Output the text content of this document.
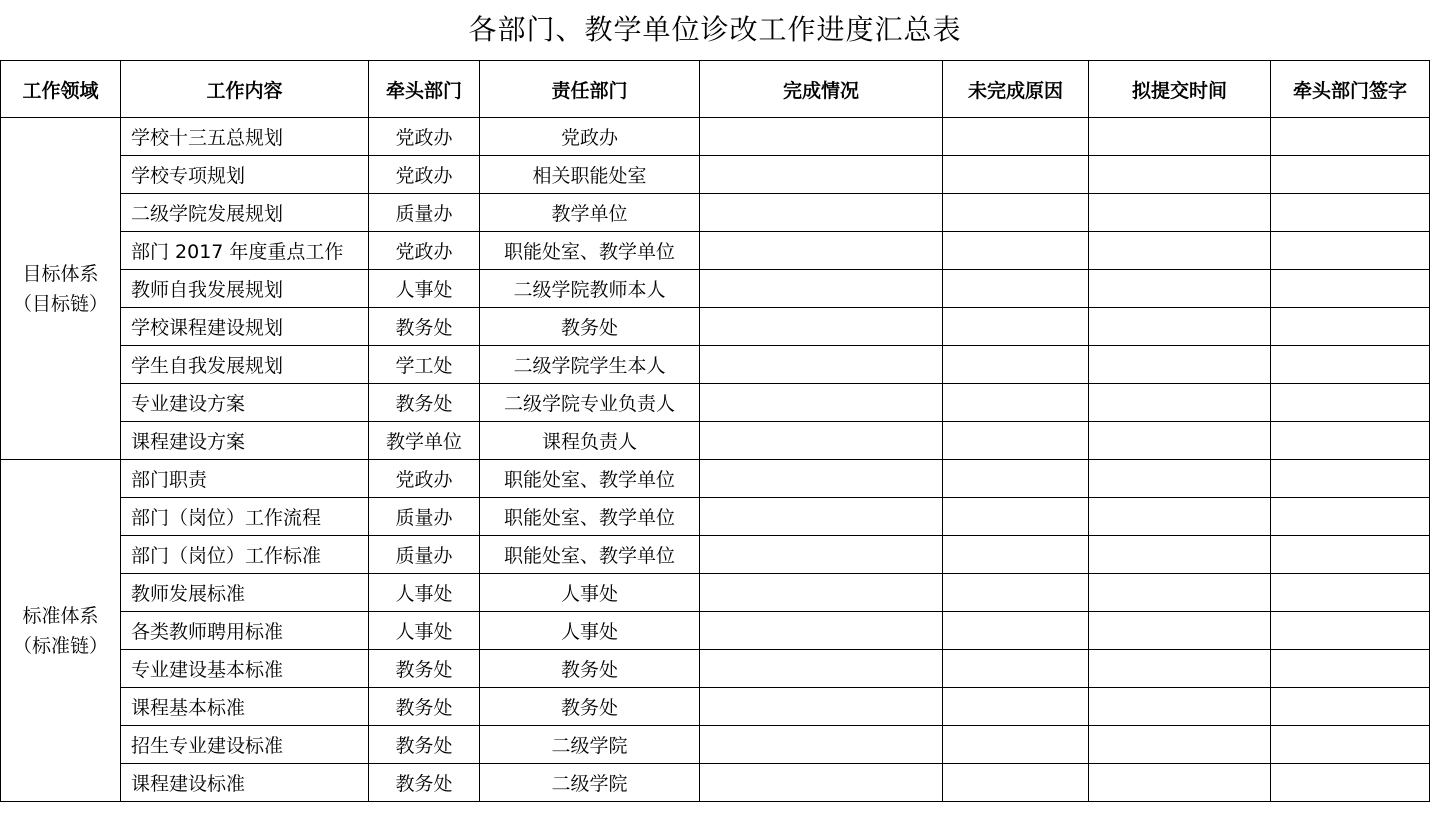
各部门、教学单位诊改工作进度汇总表
工作领域	工作内容	牵头部门	责任部门	完成情况	未完成原因	拟提交时间	牵头部门签字

目标体系
（目标链）	学校十三五总规划	党政办	党政办				
	学校专项规划	党政办	相关职能处室				
	二级学院发展规划	质量办	教学单位				
	部门 2017 年度重点工作	党政办	职能处室、教学单位				
	教师自我发展规划	人事处	二级学院教师本人				
	学校课程建设规划	教务处	教务处				
	学生自我发展规划	学工处	二级学院学生本人				
	专业建设方案	教务处	二级学院专业负责人				
	课程建设方案	教学单位	课程负责人				

标准体系
（标准链）	部门职责	党政办	职能处室、教学单位				
	部门（岗位）工作流程	质量办	职能处室、教学单位				
	部门（岗位）工作标准	质量办	职能处室、教学单位				
	教师发展标准	人事处	人事处				
	各类教师聘用标准	人事处	人事处				
	专业建设基本标准	教务处	教务处				
	课程基本标准	教务处	教务处				
	招生专业建设标准	教务处	二级学院				
	课程建设标准	教务处	二级学院				
